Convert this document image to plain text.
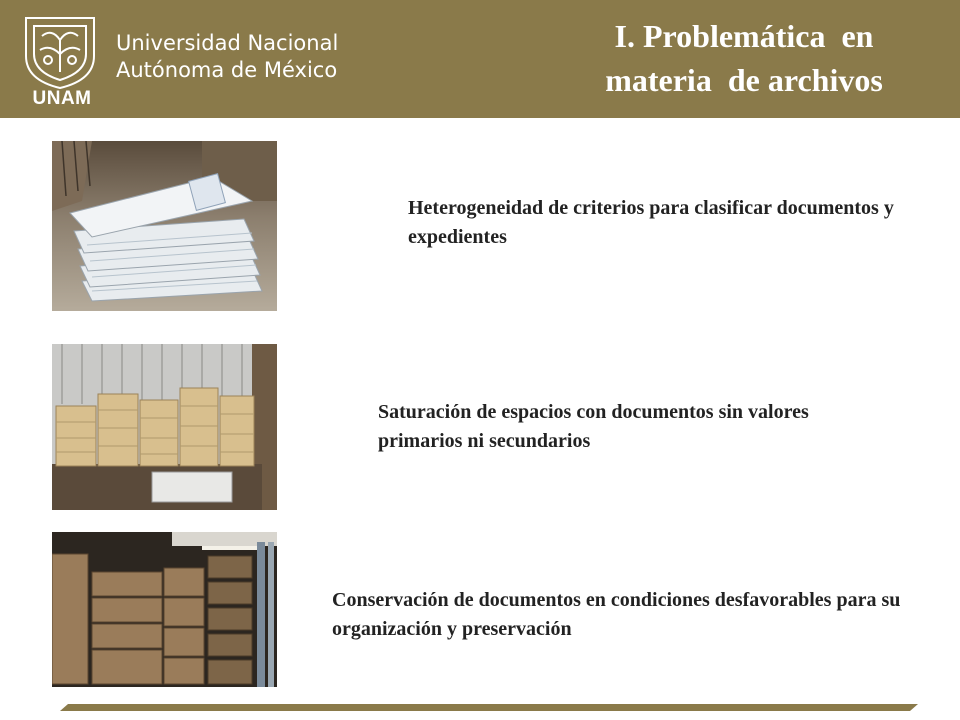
UNAM
Universidad Nacional
Autónoma de México
I. Problemática  en
materia  de archivos
Heterogeneidad de criterios para clasificar documentos y expedientes
Saturación de espacios con documentos sin valores primarios ni secundarios
Conservación de documentos en condiciones desfavorables para su organización y preservación
